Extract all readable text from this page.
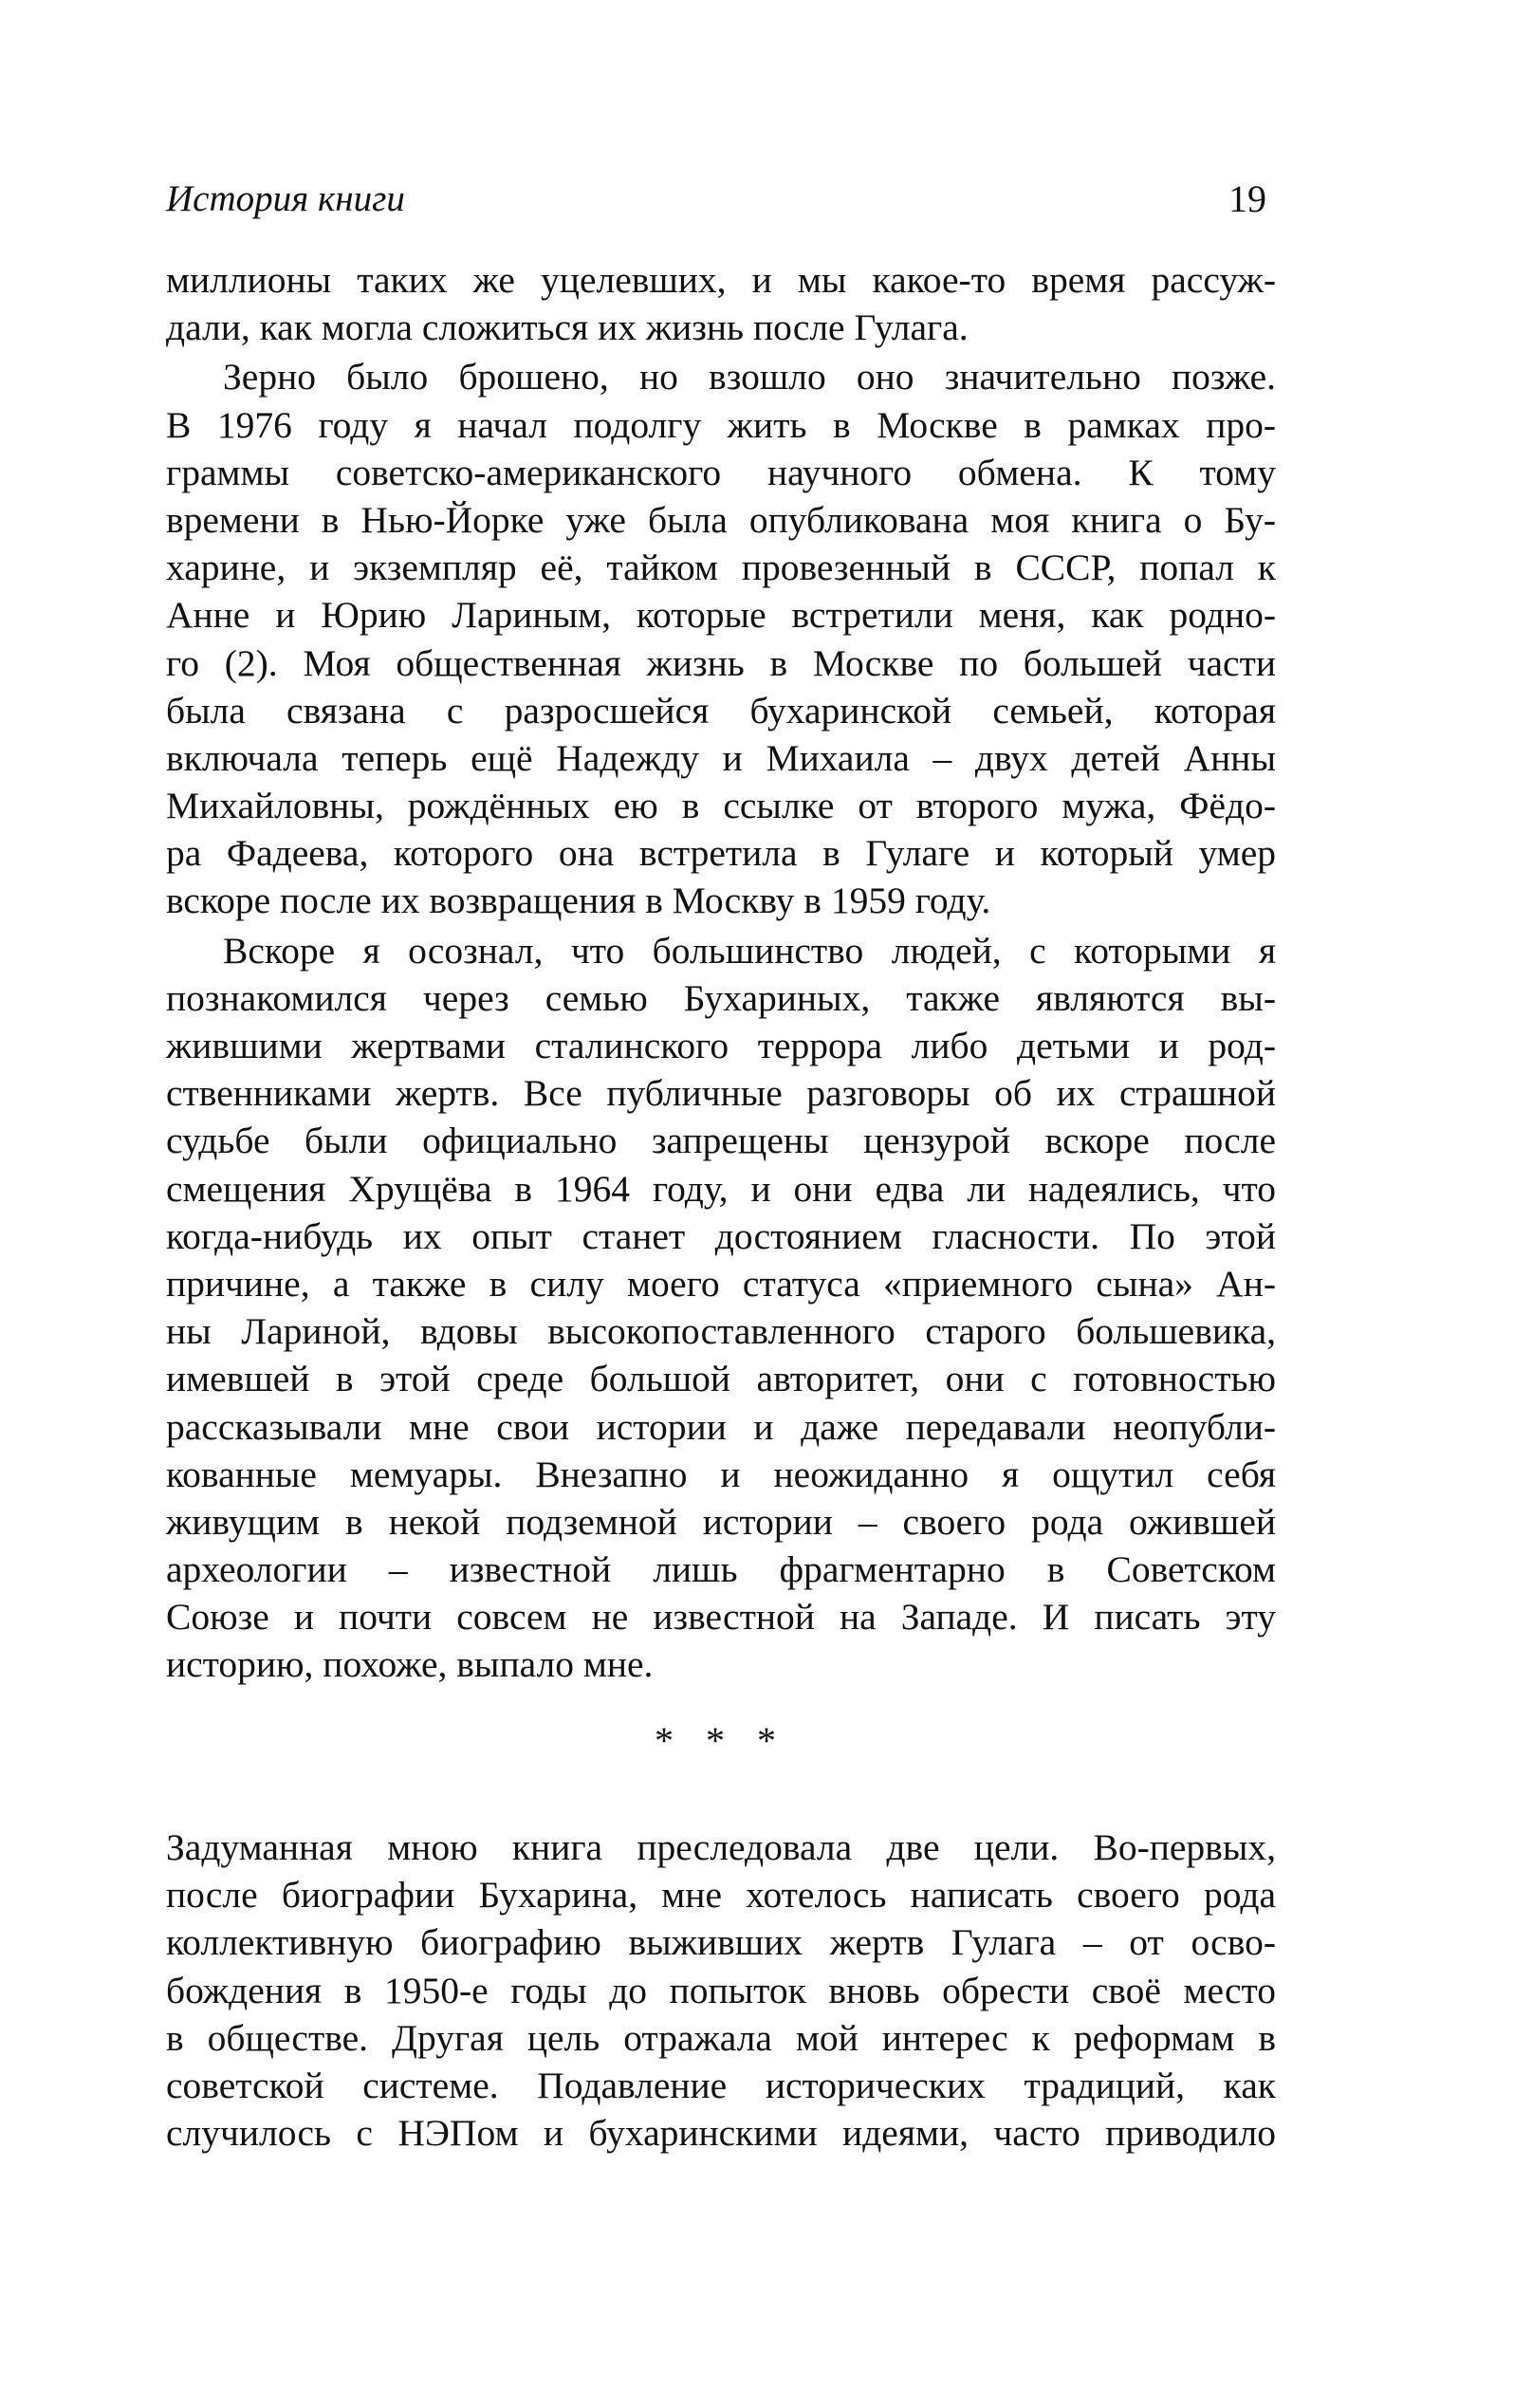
История книги	19
миллионы таких же уцелевших, и мы какое-то время рассуж-
дали, как могла сложиться их жизнь после Гулага.
Зерно было брошено, но взошло оно значительно позже.
В 1976 году я начал подолгу жить в Москве в рамках про-
граммы советско-американского научного обмена. К тому
времени в Нью-Йорке уже была опубликована моя книга о Бу-
харине, и экземпляр её, тайком провезенный в СССР, попал к
Анне и Юрию Лариным, которые встретили меня, как родно-
го (2). Моя общественная жизнь в Москве по большей части
была связана с разросшейся бухаринской семьей, которая
включала теперь ещё Надежду и Михаила – двух детей Анны
Михайловны, рождённых ею в ссылке от второго мужа, Фёдо-
ра Фадеева, которого она встретила в Гулаге и который умер
вскоре после их возвращения в Москву в 1959 году.
Вскоре я осознал, что большинство людей, с которыми я
познакомился через семью Бухариных, также являются вы-
жившими жертвами сталинского террора либо детьми и род-
ственниками жертв. Все публичные разговоры об их страшной
судьбе были официально запрещены цензурой вскоре после
смещения Хрущёва в 1964 году, и они едва ли надеялись, что
когда-нибудь их опыт станет достоянием гласности. По этой
причине, а также в силу моего статуса «приемного сына» Ан-
ны Лариной, вдовы высокопоставленного старого большевика,
имевшей в этой среде большой авторитет, они с готовностью
рассказывали мне свои истории и даже передавали неопубли-
кованные мемуары. Внезапно и неожиданно я ощутил себя
живущим в некой подземной истории – своего рода ожившей
археологии – известной лишь фрагментарно в Советском
Союзе и почти совсем не известной на Западе. И писать эту
историю, похоже, выпало мне.
* * *
Задуманная мною книга преследовала две цели. Во-первых,
после биографии Бухарина, мне хотелось написать своего рода
коллективную биографию выживших жертв Гулага – от осво-
бождения в 1950-е годы до попыток вновь обрести своё место
в обществе. Другая цель отражала мой интерес к реформам в
советской системе. Подавление исторических традиций, как
случилось с НЭПом и бухаринскими идеями, часто приводило
